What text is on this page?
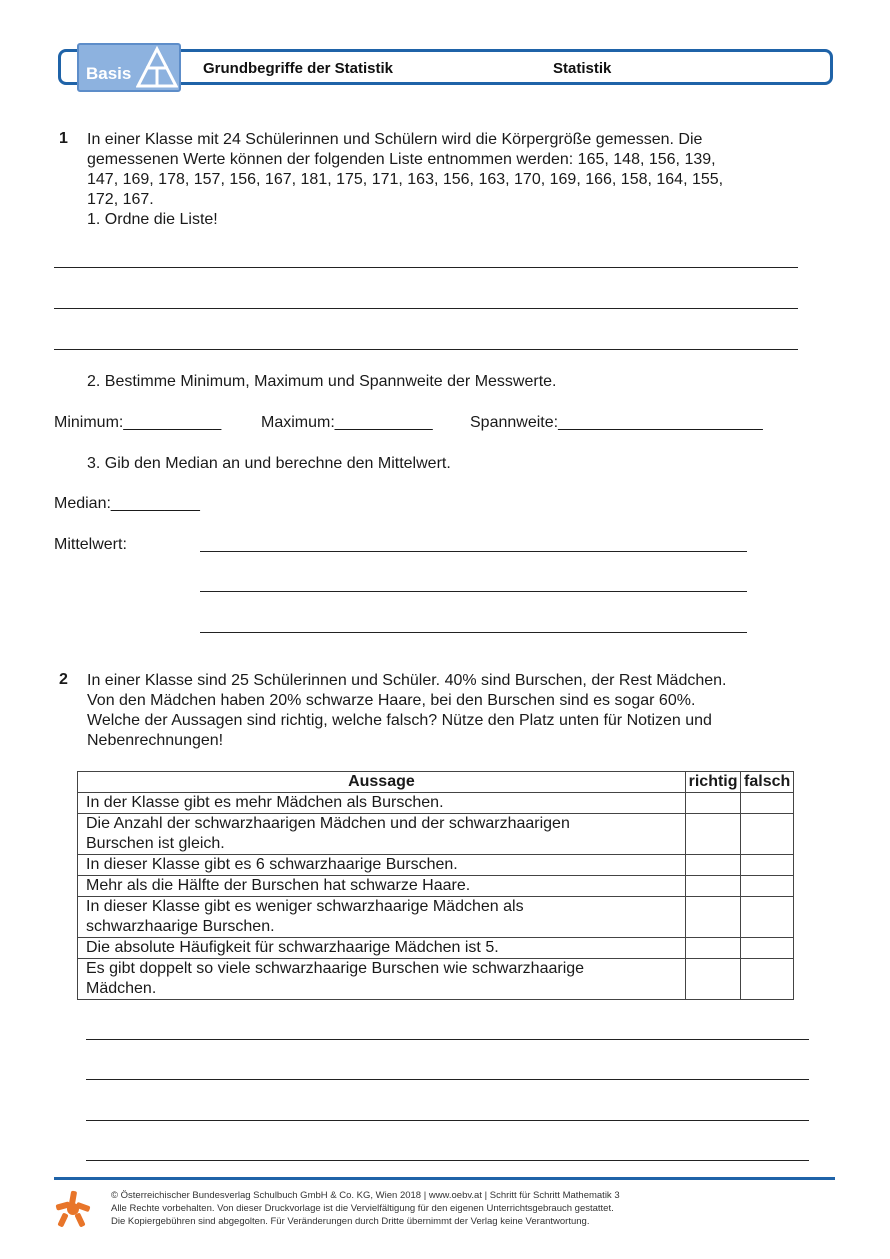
Basis	Grundbegriffe der Statistik	Statistik
1 In einer Klasse mit 24 Schülerinnen und Schülern wird die Körpergröße gemessen. Die
gemessenen Werte können der folgenden Liste entnommen werden: 165, 148, 156, 139,
147, 169, 178, 157, 156, 167, 181, 175, 171, 163, 156, 163, 170, 169, 166, 158, 164, 155,
172, 167.
1. Ordne die Liste!
2. Bestimme Minimum, Maximum und Spannweite der Messwerte.
Minimum:___________ Maximum:___________ Spannweite:_______________________
3. Gib den Median an und berechne den Mittelwert.
Median:__________
Mittelwert:
2 In einer Klasse sind 25 Schülerinnen und Schüler. 40% sind Burschen, der Rest Mädchen.
Von den Mädchen haben 20% schwarze Haare, bei den Burschen sind es sogar 60%.
Welche der Aussagen sind richtig, welche falsch? Nütze den Platz unten für Notizen und
Nebenrechnungen!
Aussage	richtig	falsch
In der Klasse gibt es mehr Mädchen als Burschen.		
Die Anzahl der schwarzhaarigen Mädchen und der schwarzhaarigen
Burschen ist gleich.		
In dieser Klasse gibt es 6 schwarzhaarige Burschen.		
Mehr als die Hälfte der Burschen hat schwarze Haare.		
In dieser Klasse gibt es weniger schwarzhaarige Mädchen als
schwarzhaarige Burschen.		
Die absolute Häufigkeit für schwarzhaarige Mädchen ist 5.		
Es gibt doppelt so viele schwarzhaarige Burschen wie schwarzhaarige
Mädchen.		
© Österreichischer Bundesverlag Schulbuch GmbH & Co. KG, Wien 2018 | www.oebv.at | Schritt für Schritt Mathematik 3
Alle Rechte vorbehalten. Von dieser Druckvorlage ist die Vervielfältigung für den eigenen Unterrichtsgebrauch gestattet.
Die Kopiergebühren sind abgegolten. Für Veränderungen durch Dritte übernimmt der Verlag keine Verantwortung.
